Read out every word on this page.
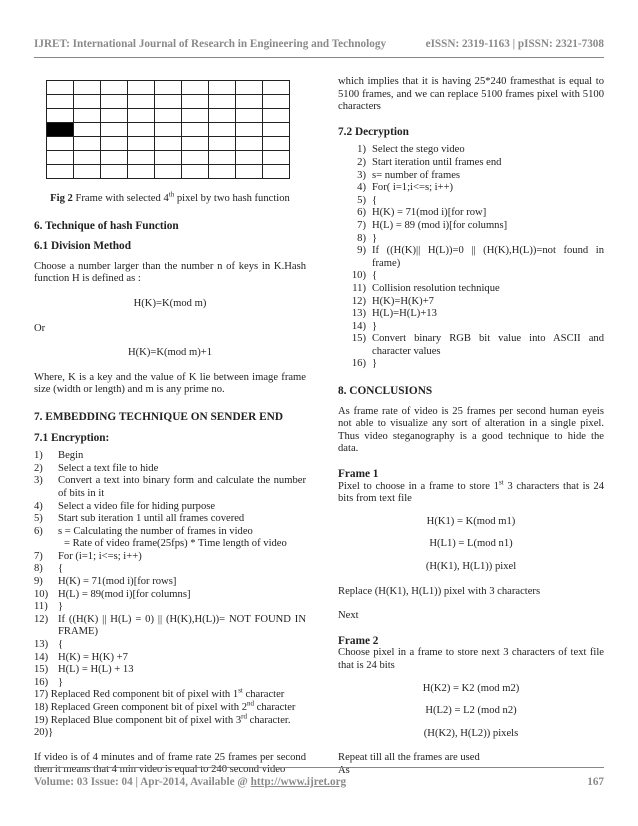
IJRET: International Journal of Research in Engineering and Technology	eISSN: 2319-1163 | pISSN: 2321-7308

Fig 2 Frame with selected 4th pixel by two hash function
6. Technique of hash Function
6.1 Division Method

Choose a number larger than the number n of keys in K.Hash function H is defined as :

H(K)=K(mod m)

Or

H(K)=K(mod m)+1

Where, K is a key and the value of K lie between image frame size (width or length) and m is any prime no.

7. EMBEDDING TECHNIQUE ON SENDER END
7.1 Encryption:
1) Begin
2) Select a text file to hide
3) Convert a text into binary form and calculate the number of bits in it
4) Select a video file for hiding purpose
5) Start sub iteration 1 until all frames covered
6) s = Calculating the number of frames in video

= Rate of video frame(25fps) * Time length of video

7) For (i=1; i<=s; i++)
8) {
9) H(K) = 71(mod i)[for rows]
10) H(L) = 89(mod i)[for columns]
11) }
12) If ((H(K) || H(L) = 0) || (H(K),H(L))= NOT FOUND IN FRAME)
13) {
14) H(K) = H(K) +7
15) H(L) = H(L) + 13
16) }

17) Replaced Red component bit of pixel with 1st character

18) Replaced Green component bit of pixel with 2nd character

19) Replaced Blue component bit of pixel with 3rd character.

20)}

If video is of 4 minutes and of frame rate 25 frames per second then it means that 4 min video is equal to 240 second video

which implies that it is having 25*240 framesthat is equal to 5100 frames, and we can replace 5100 frames pixel with 5100 characters

7.2 Decryption
1) Select the stego video
2) Start iteration until frames end
3) s= number of frames
4) For( i=1;i<=s; i++)
5) {
6) H(K) = 71(mod i)[for row]
7) H(L) = 89 (mod i)[for columns]
8) }
9) If ((H(K)|| H(L))=0 || (H(K),H(L))=not found in frame)
10) {
11) Collision resolution technique
12) H(K)=H(K)+7
13) H(L)=H(L)+13
14) }
15) Convert binary RGB bit value into ASCII and character values
16) }
8. CONCLUSIONS

As frame rate of video is 25 frames per second human eyeis not able to visualize any sort of alteration in a single pixel. Thus video steganography is a good technique to hide the data.

Frame 1

Pixel to choose in a frame to store 1st 3 characters that is 24 bits from text file

H(K1) = K(mod m1)

H(L1) = L(mod n1)

(H(K1), H(L1)) pixel

Replace (H(K1), H(L1)) pixel with 3 characters

Next

Frame 2

Choose pixel in a frame to store next 3 characters of text file that is 24 bits

H(K2) = K2 (mod m2)

H(L2) = L2 (mod n2)

(H(K2), H(L2)) pixels

Repeat till all the frames are used

As

Volume: 03 Issue: 04 | Apr-2014, Available @ http://www.ijret.org	167
